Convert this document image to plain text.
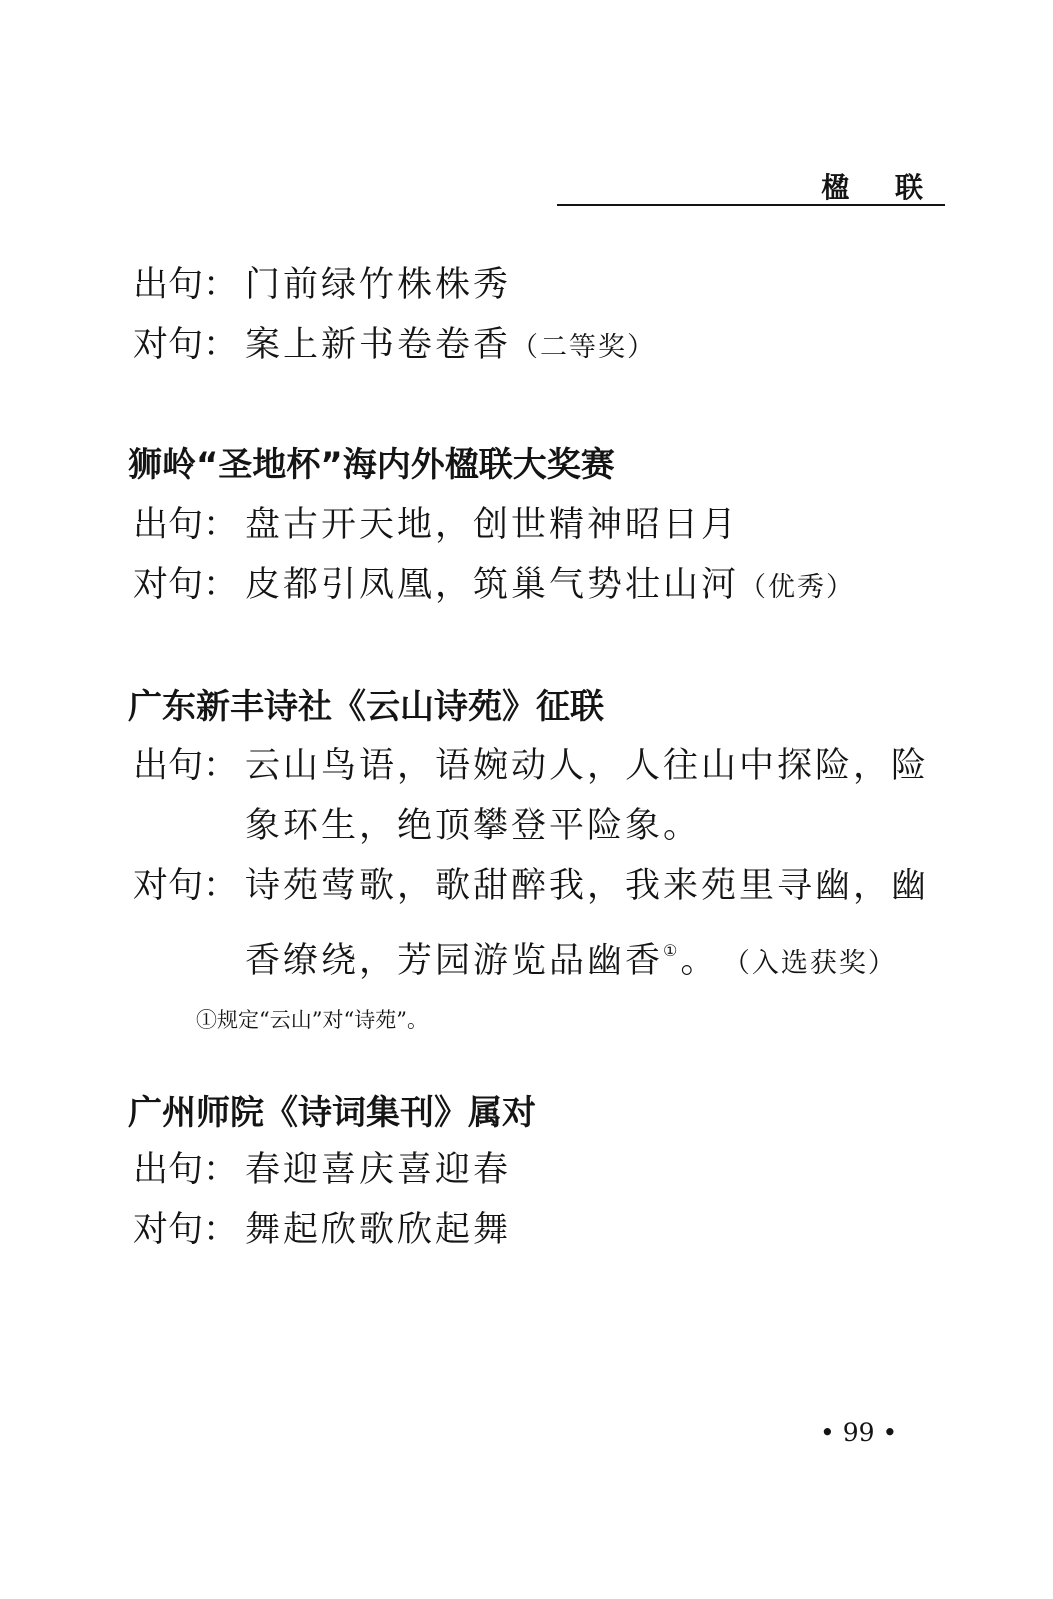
楹 联
出句： 门前绿竹株株秀
对句： 案上新书卷卷香（二等奖）
狮岭“圣地杯”海内外楹联大奖赛
出句： 盘古开天地，创世精神昭日月
对句： 皮都引凤凰，筑巢气势壮山河（优秀）
广东新丰诗社《云山诗苑》征联
出句： 云山鸟语，语婉动人，人往山中探险，险
象环生，绝顶攀登平险象。
对句： 诗苑莺歌，歌甜醉我，我来苑里寻幽，幽
香缭绕，芳园游览品幽香①。 （入选获奖）
①规定“云山”对“诗苑”。
广州师院《诗词集刊》属对
出句： 春迎喜庆喜迎春
对句： 舞起欣歌欣起舞
• 99 •
